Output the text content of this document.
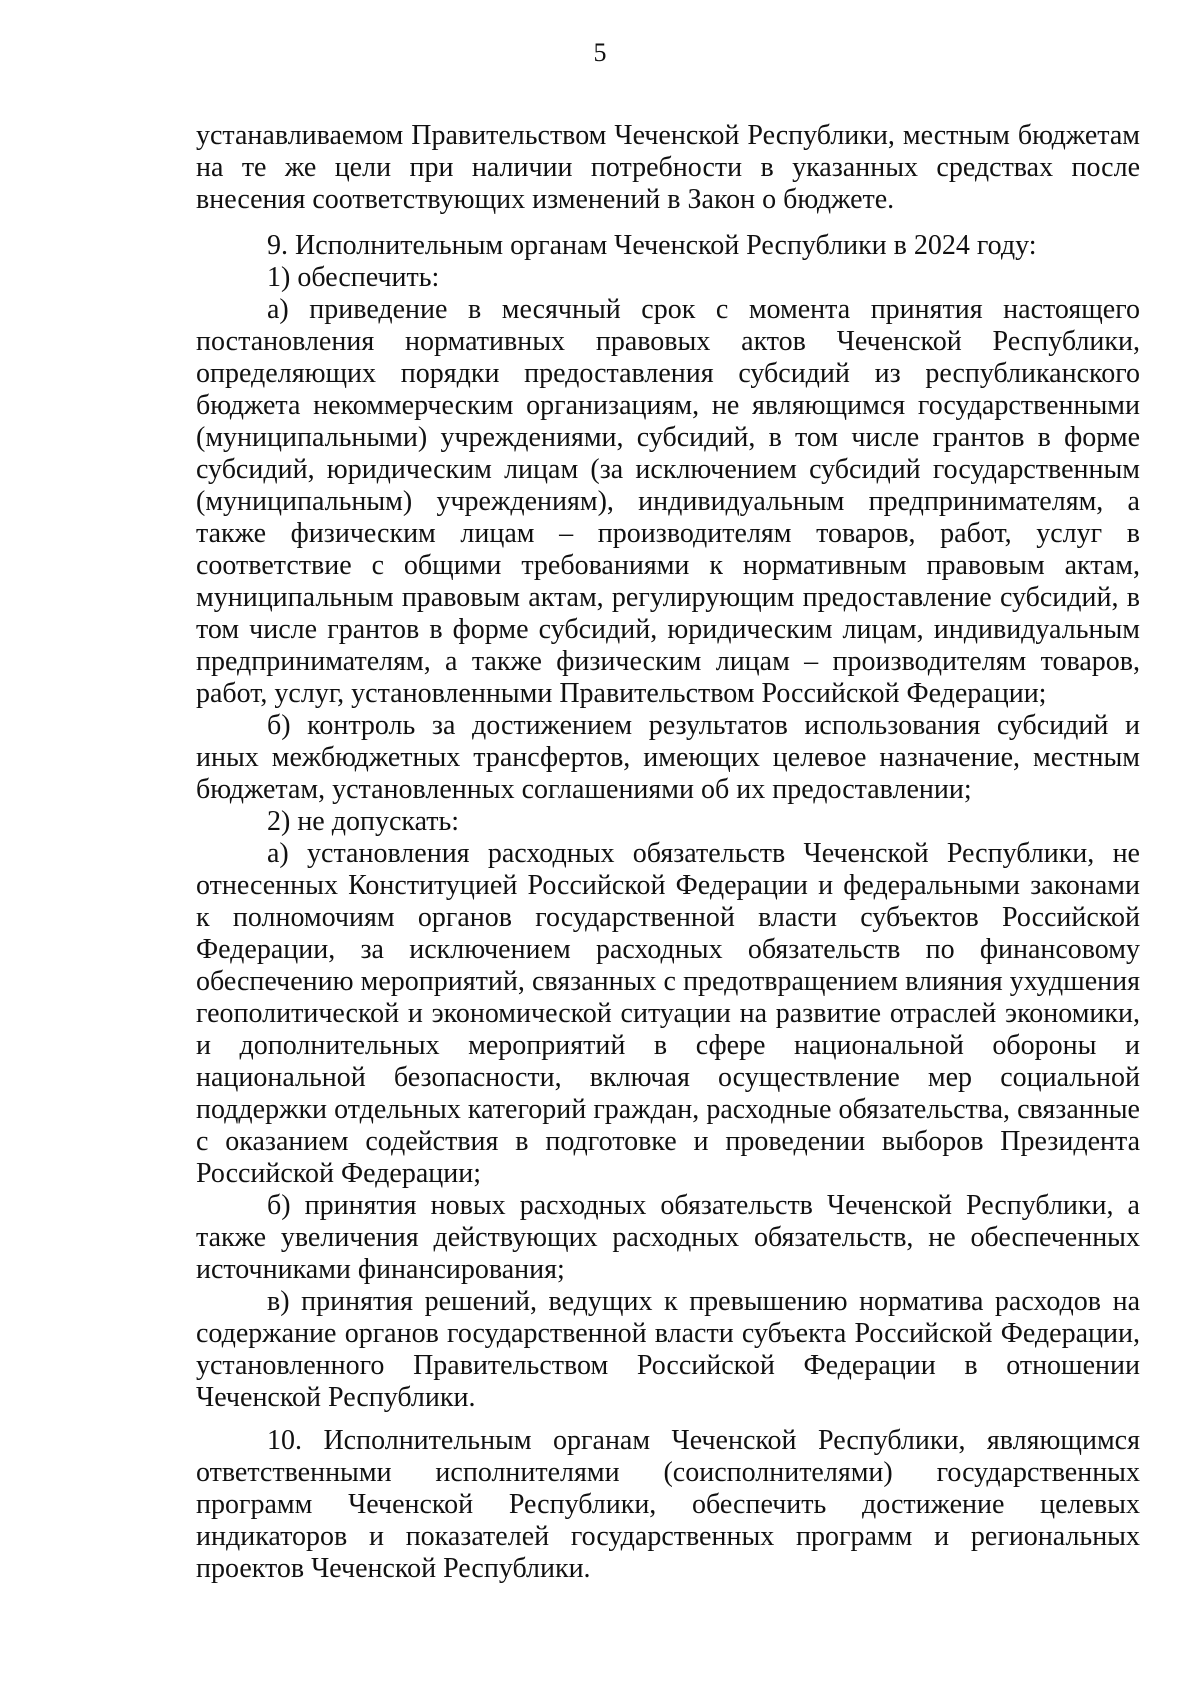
5

устанавливаемом Правительством Чеченской Республики, местным бюджетам на те же цели при наличии потребности в указанных средствах после внесения соответствующих изменений в Закон о бюджете.

9. Исполнительным органам Чеченской Республики в 2024 году:

1) обеспечить:

а) приведение в месячный срок с момента принятия настоящего постановления нормативных правовых актов Чеченской Республики, определяющих порядки предоставления субсидий из республиканского бюджета некоммерческим организациям, не являющимся государственными (муниципальными) учреждениями, субсидий, в том числе грантов в форме субсидий, юридическим лицам (за исключением субсидий государственным (муниципальным) учреждениям), индивидуальным предпринимателям, а также физическим лицам – производителям товаров, работ, услуг в соответствие с общими требованиями к нормативным правовым актам, муниципальным правовым актам, регулирующим предоставление субсидий, в том числе грантов в форме субсидий, юридическим лицам, индивидуальным предпринимателям, а также физическим лицам – производителям товаров, работ, услуг, установленными Правительством Российской Федерации;

б) контроль за достижением результатов использования субсидий и иных межбюджетных трансфертов, имеющих целевое назначение, местным бюджетам, установленных соглашениями об их предоставлении;

2) не допускать:

а) установления расходных обязательств Чеченской Республики, не отнесенных Конституцией Российской Федерации и федеральными законами к полномочиям органов государственной власти субъектов Российской Федерации, за исключением расходных обязательств по финансовому обеспечению мероприятий, связанных с предотвращением влияния ухудшения геополитической и экономической ситуации на развитие отраслей экономики, и дополнительных мероприятий в сфере национальной обороны и национальной безопасности, включая осуществление мер социальной поддержки отдельных категорий граждан, расходные обязательства, связанные с оказанием содействия в подготовке и проведении выборов Президента Российской Федерации;

б) принятия новых расходных обязательств Чеченской Республики, а также увеличения действующих расходных обязательств, не обеспеченных источниками финансирования;

в) принятия решений, ведущих к превышению норматива расходов на содержание органов государственной власти субъекта Российской Федерации, установленного Правительством Российской Федерации в отношении Чеченской Республики.

10. Исполнительным органам Чеченской Республики, являющимся ответственными исполнителями (соисполнителями) государственных программ Чеченской Республики, обеспечить достижение целевых индикаторов и показателей государственных программ и региональных проектов Чеченской Республики.
